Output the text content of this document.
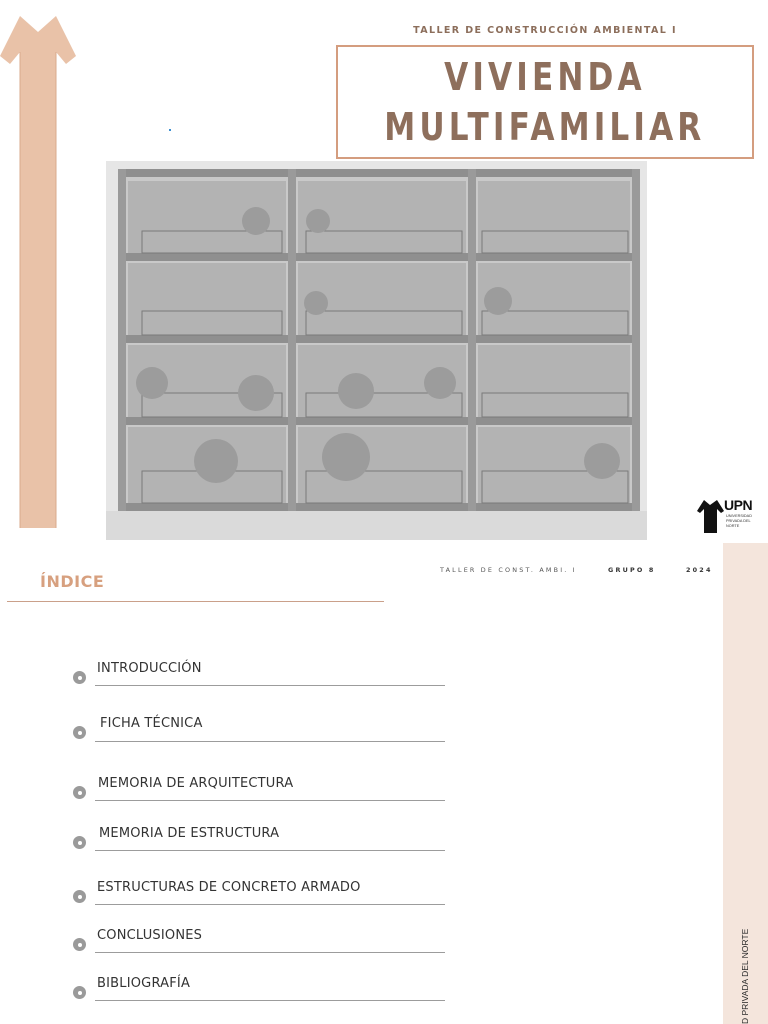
TALLER DE CONSTRUCCIÓN AMBIENTAL I
VIVIENDA
MULTIFAMILIAR
UPN
UNIVERSIDAD PRIVADA DEL NORTE
D PRIVADA DEL NORTE
TALLER DE CONST. AMBI. I	GRUPO 8	2024
ÍNDICE
INTRODUCCIÓN
FICHA TÉCNICA
MEMORIA DE ARQUITECTURA
MEMORIA DE ESTRUCTURA
ESTRUCTURAS DE CONCRETO ARMADO
CONCLUSIONES
BIBLIOGRAFÍA
